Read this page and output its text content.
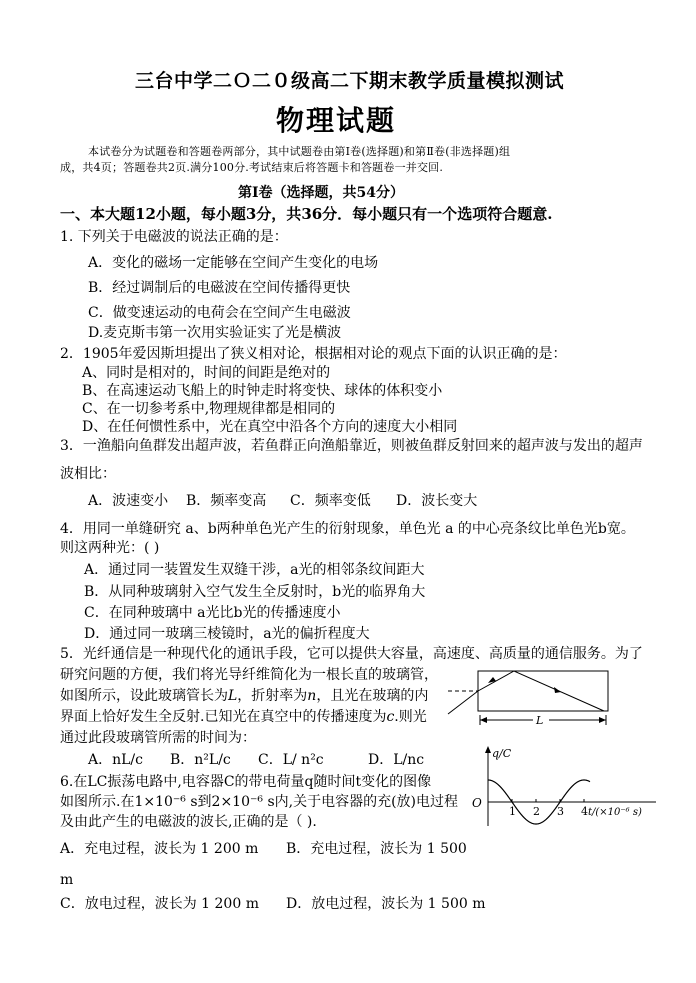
三台中学二Ｏ二０级高二下期末教学质量模拟测试
物理试题
本试卷分为试题卷和答题卷两部分，其中试题卷由第Ⅰ卷(选择题)和第Ⅱ卷(非选择题)组
成，共4页；答题卷共2页.满分100分.考试结束后将答题卡和答题卷一并交回.
第Ⅰ卷（选择题，共54分）
一、本大题12小题，每小题3分，共36分．每小题只有一个选项符合题意.
1. 下列关于电磁波的说法正确的是：
A．变化的磁场一定能够在空间产生变化的电场
B．经过调制后的电磁波在空间传播得更快
C．做变速运动的电荷会在空间产生电磁波
D.麦克斯韦第一次用实验证实了光是横波
2．1905年爱因斯坦提出了狭义相对论，根据相对论的观点下面的认识正确的是：
A、同时是相对的，时间的间距是绝对的
B、在高速运动飞船上的时钟走时将变快、球体的体积变小
C、在一切参考系中,物理规律都是相同的
D、在任何惯性系中，光在真空中沿各个方向的速度大小相同
3．一渔船向鱼群发出超声波，若鱼群正向渔船靠近，则被鱼群反射回来的超声波与发出的超声
波相比：
A．波速变小 B．频率变高 C．频率变低 D．波长变大
4．用同一单缝研究 a、b两种单色光产生的衍射现象，单色光 a 的中心亮条纹比单色光b宽。
则这两种光：( )
A．通过同一装置发生双缝干涉，a光的相邻条纹间距大
B．从同种玻璃射入空气发生全反射时，b光的临界角大
C．在同种玻璃中 a光比b光的传播速度小
D．通过同一玻璃三棱镜时，a光的偏折程度大
5．光纤通信是一种现代化的通讯手段，它可以提供大容量，高速度、高质量的通信服务。为了
研究问题的方便，我们将光导纤维简化为一根长直的玻璃管，
如图所示，设此玻璃管长为L，折射率为n，且光在玻璃的内
界面上恰好发生全反射.已知光在真空中的传播速度为c.则光
通过此段玻璃管所需的时间为：
A．nL/c B．n²L/c C．L/ n²c	D．L/nc
L
6.在LC振荡电路中,电容器C的带电荷量q随时间t变化的图像
如图所示.在1×10⁻⁶ s到2×10⁻⁶ s内,关于电容器的充(放)电过程
及由此产生的电磁波的波长,正确的是（ ).
A．充电过程，波长为 1 200 m B．充电过程，波长为 1 500
m
C．放电过程，波长为 1 200 m D．放电过程，波长为 1 500 m
q/C
O
t/(×10⁻⁶ s)
1 2 3 4
